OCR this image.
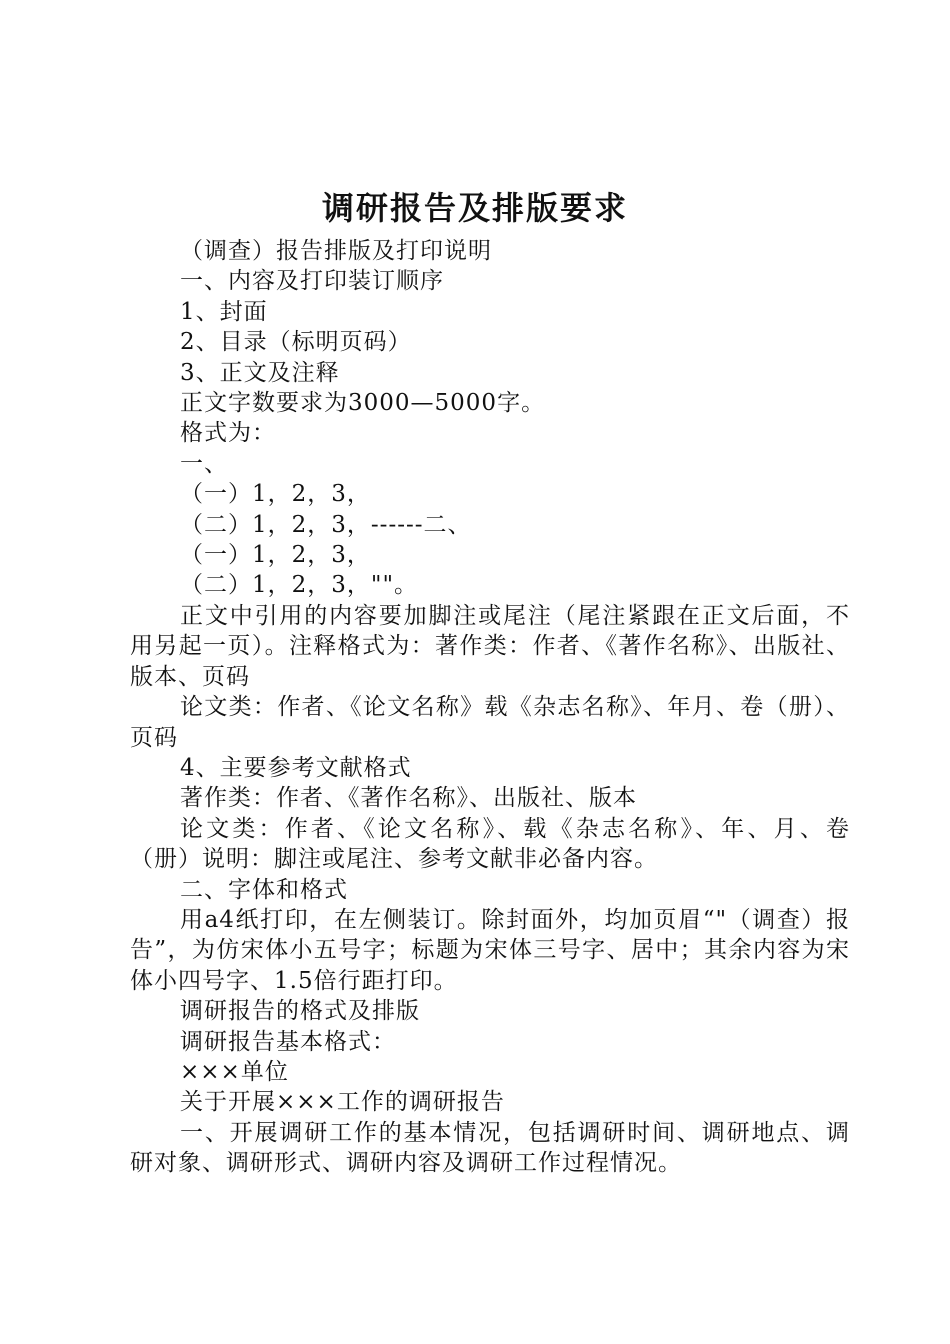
调研报告及排版要求

（调查）报告排版及打印说明

一、内容及打印装订顺序

1、封面

2、目录（标明页码）

3、正文及注释

正文字数要求为3000—5000字。

格式为：

一、

（一）1，2，3，

（二）1，2，3，------二、

（一）1，2，3，

（二）1，2，3，""。

正文中引用的内容要加脚注或尾注（尾注紧跟在正文后面，不用另起一页）。注释格式为：著作类：作者、《著作名称》、出版社、版本、页码

论文类：作者、《论文名称》载《杂志名称》、年月、卷（册）、页码

4、主要参考文献格式

著作类：作者、《著作名称》、出版社、版本

论文类：作者、《论文名称》、载《杂志名称》、年、月、卷（册）说明：脚注或尾注、参考文献非必备内容。

二、字体和格式

用a4纸打印，在左侧装订。除封面外，均加页眉“"（调查）报告”，为仿宋体小五号字；标题为宋体三号字、居中；其余内容为宋体小四号字、1.5倍行距打印。

调研报告的格式及排版

调研报告基本格式：

×××单位

关于开展×××工作的调研报告

一、开展调研工作的基本情况，包括调研时间、调研地点、调研对象、调研形式、调研内容及调研工作过程情况。
